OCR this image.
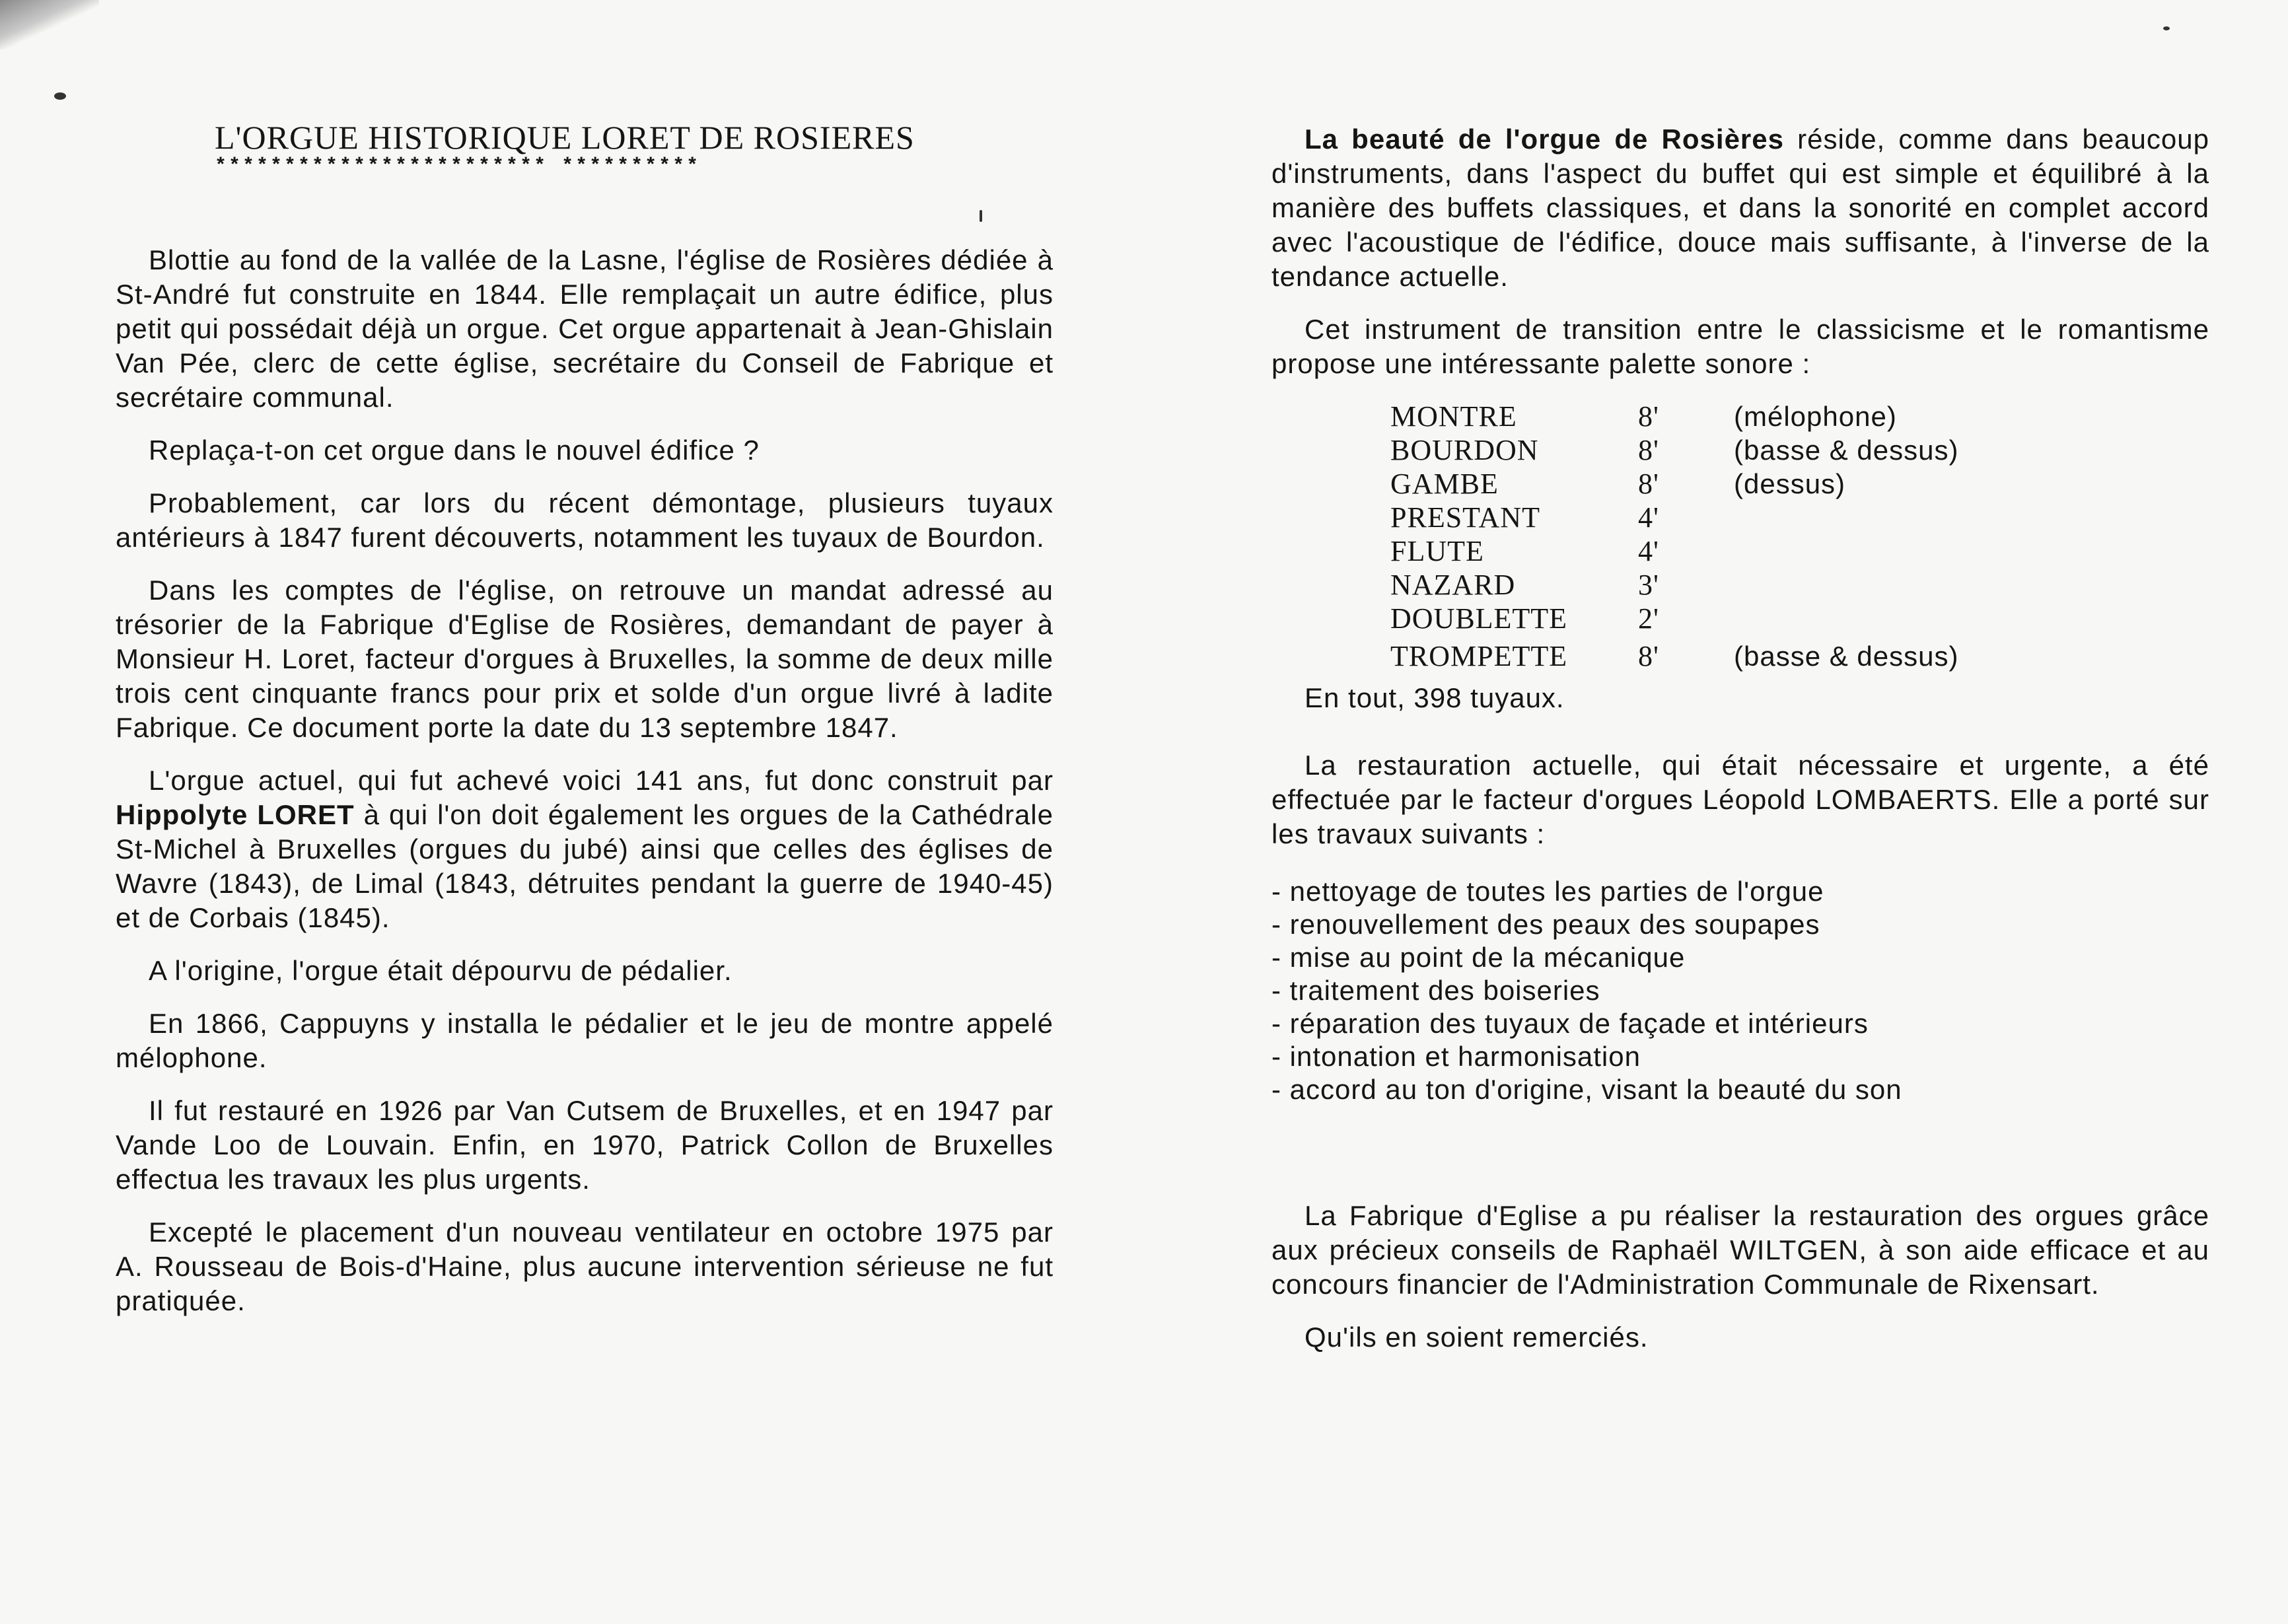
L'ORGUE HISTORIQUE LORET DE ROSIERES
************************ **********

Blottie au fond de la vallée de la Lasne, l'église de Rosières dédiée à St-André fut construite en 1844. Elle remplaçait un autre édifice, plus petit qui possédait déjà un orgue. Cet orgue appartenait à Jean-Ghislain Van Pée, clerc de cette église, secrétaire du Conseil de Fabrique et secrétaire communal.

Replaça-t-on cet orgue dans le nouvel édifice ?

Probablement, car lors du récent démontage, plusieurs tuyaux antérieurs à 1847 furent découverts, notamment les tuyaux de Bourdon.

Dans les comptes de l'église, on retrouve un mandat adressé au trésorier de la Fabrique d'Eglise de Rosières, demandant de payer à Monsieur H. Loret, facteur d'orgues à Bruxelles, la somme de deux mille trois cent cinquante francs pour prix et solde d'un orgue livré à ladite Fabrique. Ce document porte la date du 13 septembre 1847.

L'orgue actuel, qui fut achevé voici 141 ans, fut donc construit par Hippolyte LORET à qui l'on doit également les orgues de la Cathédrale St-Michel à Bruxelles (orgues du jubé) ainsi que celles des églises de Wavre (1843), de Limal (1843, détruites pendant la guerre de 1940-45) et de Corbais (1845).

A l'origine, l'orgue était dépourvu de pédalier.

En 1866, Cappuyns y installa le pédalier et le jeu de montre appelé mélophone.

Il fut restauré en 1926 par Van Cutsem de Bruxelles, et en 1947 par Vande Loo de Louvain. Enfin, en 1970, Patrick Collon de Bruxelles effectua les travaux les plus urgents.

Excepté le placement d'un nouveau ventilateur en octobre 1975 par A. Rousseau de Bois-d'Haine, plus aucune intervention sérieuse ne fut pratiquée.

La beauté de l'orgue de Rosières réside, comme dans beaucoup d'instruments, dans l'aspect du buffet qui est simple et équilibré à la manière des buffets classiques, et dans la sonorité en complet accord avec l'acoustique de l'édifice, douce mais suffisante, à l'inverse de la tendance actuelle.

Cet instrument de transition entre le classicisme et le romantisme propose une intéressante palette sonore :

MONTRE	8'	(mélophone)
BOURDON	8'	(basse & dessus)
GAMBE	8'	(dessus)
PRESTANT	4'
FLUTE	4'
NAZARD	3'
DOUBLETTE	2'
TROMPETTE	8'	(basse & dessus)

En tout, 398 tuyaux.

La restauration actuelle, qui était nécessaire et urgente, a été effectuée par le facteur d'orgues Léopold LOMBAERTS. Elle a porté sur les travaux suivants :

- nettoyage de toutes les parties de l'orgue
- renouvellement des peaux des soupapes
- mise au point de la mécanique
- traitement des boiseries
- réparation des tuyaux de façade et intérieurs
- intonation et harmonisation
- accord au ton d'origine, visant la beauté du son

La Fabrique d'Eglise a pu réaliser la restauration des orgues grâce aux précieux conseils de Raphaël WILTGEN, à son aide efficace et au concours financier de l'Administration Communale de Rixensart.

Qu'ils en soient remerciés.
